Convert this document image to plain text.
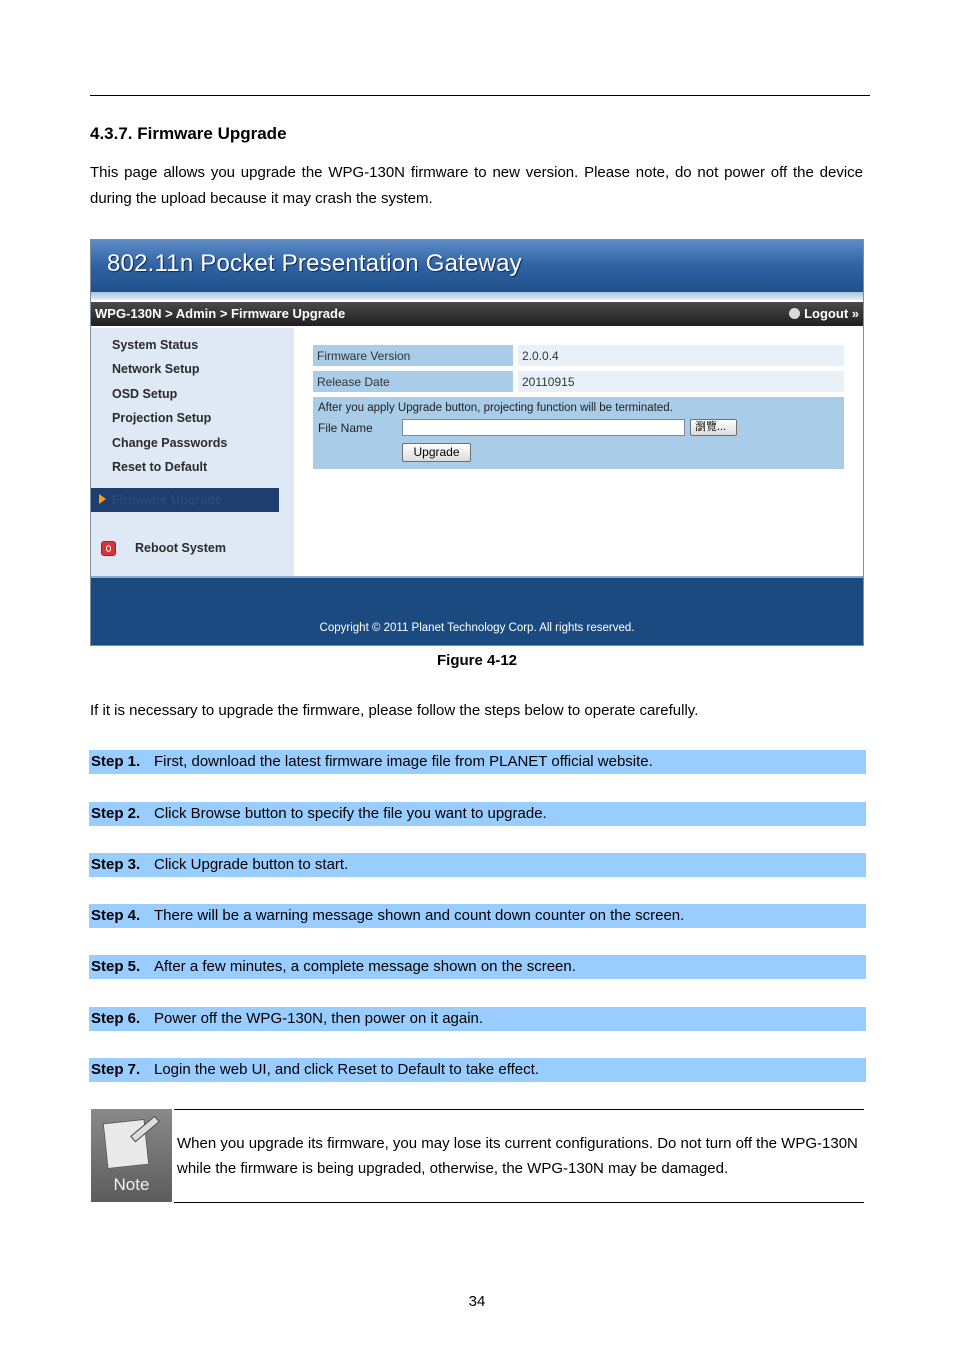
4.3.7. Firmware Upgrade
This page allows you upgrade the WPG-130N firmware to new version. Please note, do not power off the device during the upload because it may crash the system.
802.11n Pocket Presentation Gateway
WPG-130N > Admin > Firmware Upgrade	Logout »
System Status
Network Setup
OSD Setup
Projection Setup
Change Passwords
Reset to Default
Firmware Upgrade
Reboot System
Firmware Version	2.0.0.4
Release Date	20110915
After you apply Upgrade button, projecting function will be terminated.
File Name	瀏覽...
Upgrade
Copyright © 2011 Planet Technology Corp. All rights reserved.
Figure 4-12
If it is necessary to upgrade the firmware, please follow the steps below to operate carefully.
Step 1. First, download the latest firmware image file from PLANET official website.
Step 2. Click Browse button to specify the file you want to upgrade.
Step 3. Click Upgrade button to start.
Step 4. There will be a warning message shown and count down counter on the screen.
Step 5. After a few minutes, a complete message shown on the screen.
Step 6. Power off the WPG-130N, then power on it again.
Step 7. Login the web UI, and click Reset to Default to take effect.
Note
When you upgrade its firmware, you may lose its current configurations. Do not turn off the WPG-130N while the firmware is being upgraded, otherwise, the WPG-130N may be damaged.
34
